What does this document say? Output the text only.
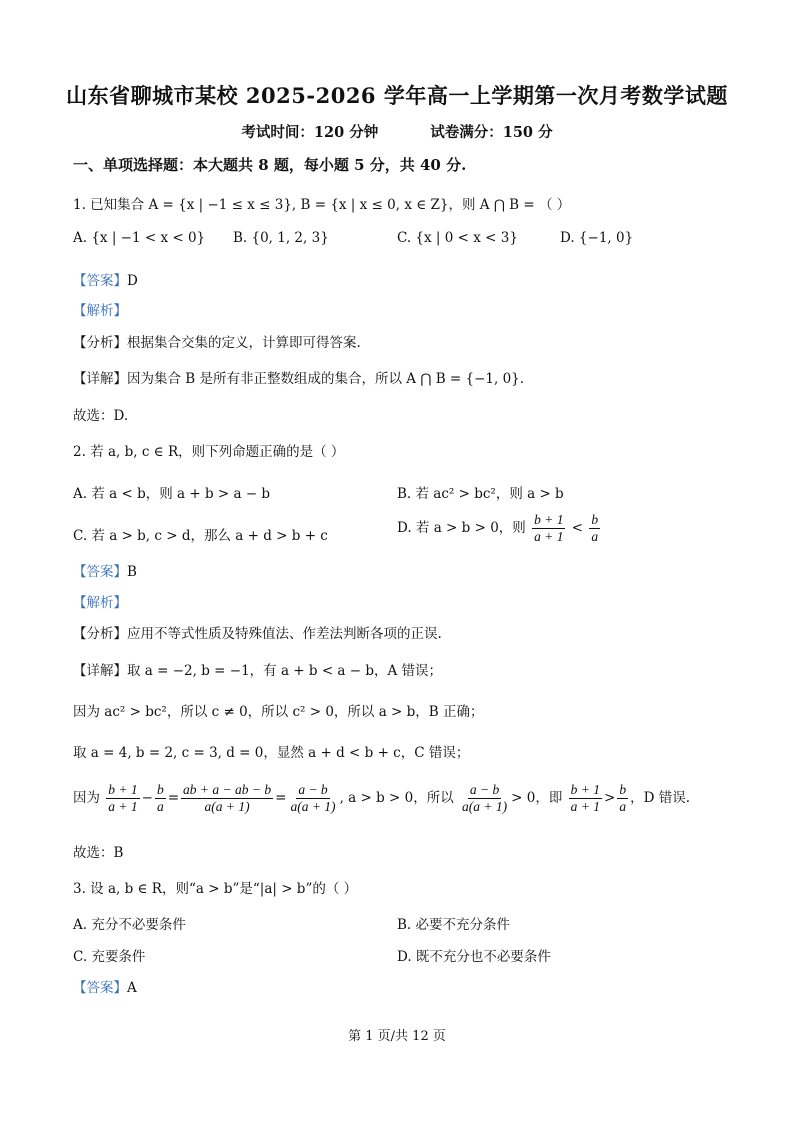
山东省聊城市某校 2025-2026 学年高一上学期第一次月考数学试题
考试时间：120 分钟	试卷满分：150 分
一、单项选择题：本大题共 8 题，每小题 5 分，共 40 分.
1. 已知集合 A = {x | −1 ≤ x ≤ 3}, B = {x | x ≤ 0, x ∈ Z}，则 A ⋂ B = （ ）
A. {x | −1 < x < 0} B. {0, 1, 2, 3}	C. {x | 0 < x < 3}	D. {−1, 0}
【答案】D
【解析】
【分析】根据集合交集的定义，计算即可得答案.
【详解】因为集合 B 是所有非正整数组成的集合，所以 A ⋂ B = {−1, 0}.
故选：D.
2. 若 a, b, c ∈ R，则下列命题正确的是（ ）
A. 若 a < b，则 a + b > a − b	B. 若 ac² > bc²，则 a > b
C. 若 a > b, c > d，那么 a + d > b + c	D. 若 a > b > 0，则 $\frac{b + 1}{a + 1} < \frac{b}{a}$
【答案】B
【解析】
【分析】应用不等式性质及特殊值法、作差法判断各项的正误.
【详解】取 a = −2, b = −1，有 a + b < a − b，A 错误；
因为 ac² > bc²，所以 c ≠ 0，所以 c² > 0，所以 a > b，B 正确；
取 a = 4, b = 2, c = 3, d = 0，显然 a + d < b + c，C 错误；
因为 $\frac{b + 1}{a + 1} - \frac{b}{a} = \frac{ab + a - ab - b}{a(a + 1)} = \frac{a - b}{a(a + 1)}$ , a > b > 0，所以 $\frac{a - b}{a(a + 1)} > 0$，即 $\frac{b + 1}{a + 1} > \frac{b}{a}$ ，D 错误.
故选：B
3. 设 a, b ∈ R，则“a > b”是“|a| > b”的（ ）
A. 充分不必要条件	B. 必要不充分条件
C. 充要条件	D. 既不充分也不必要条件
【答案】A
第 1 页/共 12 页
